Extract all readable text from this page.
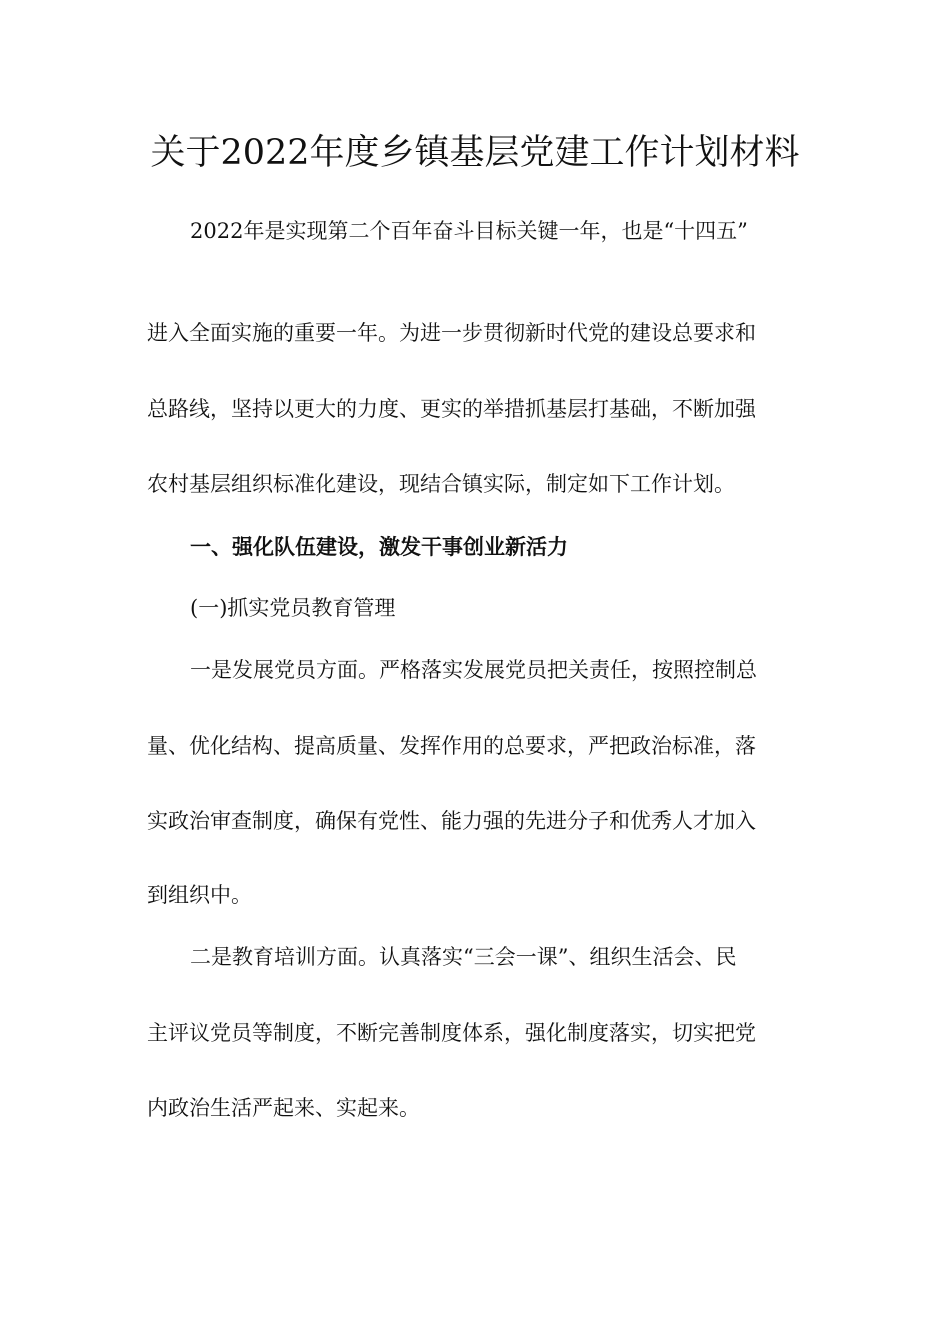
关于2022年度乡镇基层党建工作计划材料

2022年是实现第二个百年奋斗目标关键一年，也是“十四五”

进入全面实施的重要一年。为进一步贯彻新时代党的建设总要求和

总路线，坚持以更大的力度、更实的举措抓基层打基础，不断加强

农村基层组织标准化建设，现结合镇实际，制定如下工作计划。

一、强化队伍建设，激发干事创业新活力

(一)抓实党员教育管理

一是发展党员方面。严格落实发展党员把关责任，按照控制总

量、优化结构、提高质量、发挥作用的总要求，严把政治标准，落

实政治审查制度，确保有党性、能力强的先进分子和优秀人才加入

到组织中。

二是教育培训方面。认真落实“三会一课”、组织生活会、民

主评议党员等制度，不断完善制度体系，强化制度落实，切实把党

内政治生活严起来、实起来。
